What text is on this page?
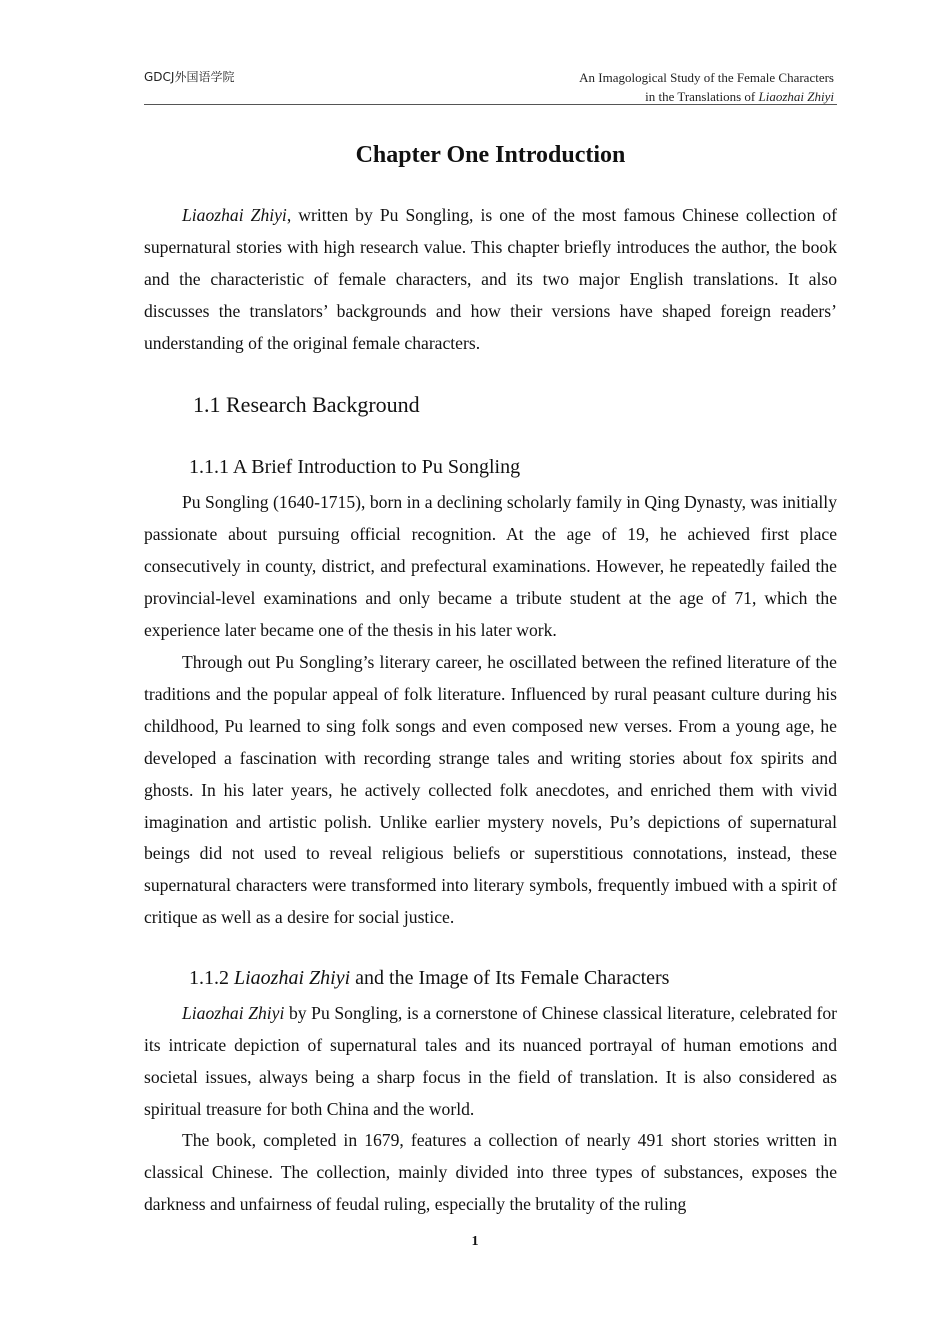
GDCJ外国语学院	An Imagological Study of the Female Characters
in the Translations of Liaozhai Zhiyi
Chapter One Introduction

Liaozhai Zhiyi, written by Pu Songling, is one of the most famous Chinese collection of supernatural stories with high research value. This chapter briefly introduces the author, the book and the characteristic of female characters, and its two major English translations. It also discusses the translators’ backgrounds and how their versions have shaped foreign readers’ understanding of the original female characters.

1.1 Research Background
1.1.1 A Brief Introduction to Pu Songling

Pu Songling (1640-1715), born in a declining scholarly family in Qing Dynasty, was initially passionate about pursuing official recognition. At the age of 19, he achieved first place consecutively in county, district, and prefectural examinations. However, he repeatedly failed the provincial-level examinations and only became a tribute student at the age of 71, which the experience later became one of the thesis in his later work.

Through out Pu Songling’s literary career, he oscillated between the refined literature of the traditions and the popular appeal of folk literature. Influenced by rural peasant culture during his childhood, Pu learned to sing folk songs and even composed new verses. From a young age, he developed a fascination with recording strange tales and writing stories about fox spirits and ghosts. In his later years, he actively collected folk anecdotes, and enriched them with vivid imagination and artistic polish. Unlike earlier mystery novels, Pu’s depictions of supernatural beings did not used to reveal religious beliefs or superstitious connotations, instead, these supernatural characters were transformed into literary symbols, frequently imbued with a spirit of critique as well as a desire for social justice.

1.1.2 Liaozhai Zhiyi and the Image of Its Female Characters

Liaozhai Zhiyi by Pu Songling, is a cornerstone of Chinese classical literature, celebrated for its intricate depiction of supernatural tales and its nuanced portrayal of human emotions and societal issues, always being a sharp focus in the field of translation. It is also considered as spiritual treasure for both China and the world.

The book, completed in 1679, features a collection of nearly 491 short stories written in classical Chinese. The collection, mainly divided into three types of substances, exposes the darkness and unfairness of feudal ruling, especially the brutality of the ruling

1
